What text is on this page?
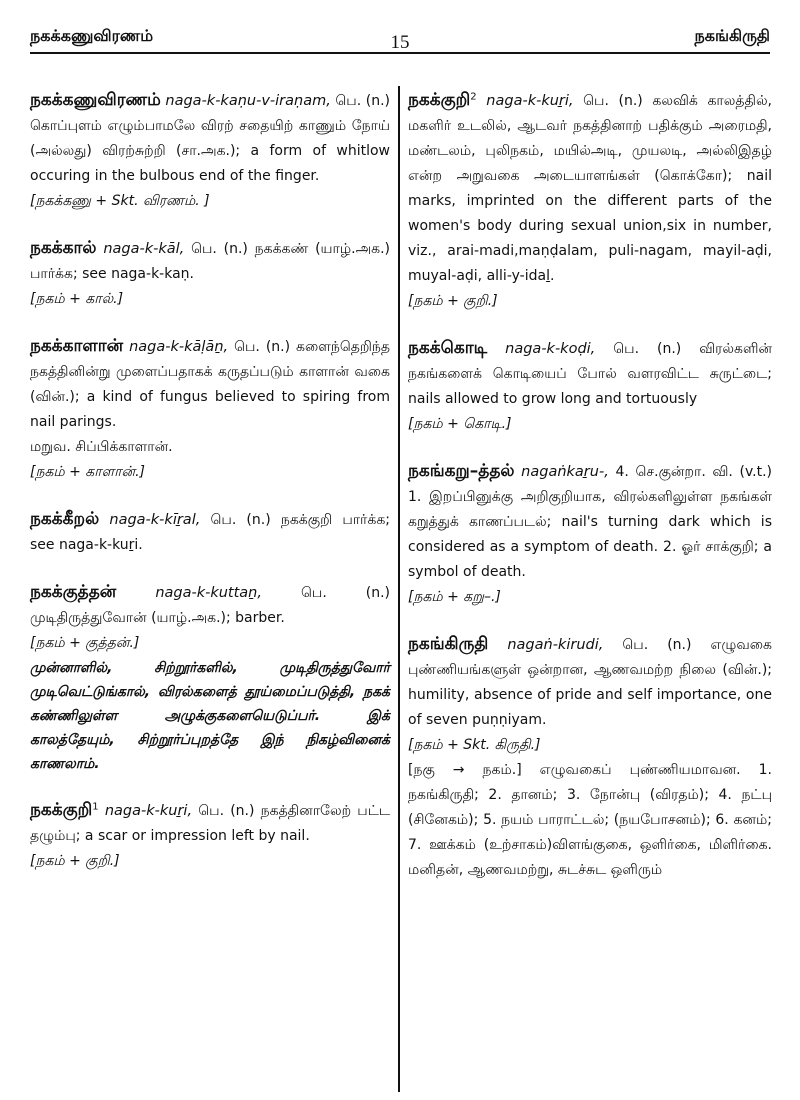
நகக்கணுவிரணம்	15	நகங்கிருதி

நகக்கணுவிரணம் naga-k-kaṇu-v-iraṇam, பெ. (n.) கொப்புளம் எழும்பாமலே விரற் சதையிற் காணும் நோய் (அல்லது) விரற்சுற்றி (சா.அக.); a form of whitlow occuring in the bulbous end of the finger.

[நகக்கணு + Skt. விரணம். ]

நகக்கால் naga-k-kāl, பெ. (n.) நகக்கண் (யாழ்.அக.) பார்க்க; see naga-k-kaṇ.

[நகம் + கால்.]

நகக்காளான் naga-k-kāḷāṉ, பெ. (n.) களைந்தெறிந்த நகத்தினின்று முளைப்பதாகக் கருதப்படும் காளான் வகை (வின்.); a kind of fungus believed to spiring from nail parings.

மறுவ. சிப்பிக்காளான்.

[நகம் + காளான்.]

நகக்கீறல் naga-k-kīṟal, பெ. (n.) நகக்குறி பார்க்க; see naga-k-kuṟi.

நகக்குத்தன்	naga-k-kuttaṉ,	பெ. (n.) முடிதிருத்துவோன் (யாழ்.அக.); barber.

[நகம் + குத்தன்.]

முன்னாளில், சிற்றூர்களில், முடிதிருத்துவோர் முடிவெட்டுங்கால், விரல்களைத் தூய்மைப்படுத்தி, நகக் கண்ணிலுள்ள அழுக்குகளையெடுப்பர். இக் காலத்தேயும், சிற்றூர்ப்புறத்தே இந் நிகழ்வினைக் காணலாம்.

நகக்குறி$^1$ naga-k-kuṟi, பெ. (n.) நகத்தினாலேற் பட்ட தழும்பு; a scar or impression left by nail.

[நகம் + குறி.]

நகக்குறி$^2$ naga-k-kuṟi, பெ. (n.) கலவிக் காலத்தில், மகளிர் உடலில், ஆடவர் நகத்தினாற் பதிக்கும் அரைமதி, மண்டலம், புலிநகம், மயில்அடி, முயலடி, அல்லிஇதழ் என்ற அறுவகை அடையாளங்கள் (கொக்கோ); nail marks, imprinted on the different parts of the women's body during sexual union,six in number, viz., arai-madi,maṇḍalam, puli-nagam, mayil-aḍi, muyal-aḍi, alli-y-idaḻ.

[நகம் + குறி.]

நகக்கொடி naga-k-koḍi, பெ. (n.) விரல்களின் நகங்களைக் கொடியைப் போல் வளரவிட்ட சுருட்டை; nails allowed to grow long and tortuously

[நகம் + கொடி.]

நகங்கறு–த்தல் nagaṅkaṟu-, 4. செ.குன்றா. வி. (v.t.) 1. இறப்பினுக்கு அறிகுறியாக, விரல்களிலுள்ள நகங்கள் கறுத்துக் காணப்படல்; nail's turning dark which is considered as a symptom of death. 2. ஓர் சாக்குறி; a symbol of death.

[நகம் + கறு–.]

நகங்கிருதி nagaṅ-kirudi, பெ. (n.) எழுவகை புண்ணியங்களுள் ஒன்றான, ஆணவமற்ற நிலை (வின்.); humility, absence of pride and self importance, one of seven puṇṇiyam.

[நகம் + Skt. கிருதி.]

[நகு → நகம்.] எழுவகைப் புண்ணியமாவன. 1. நகங்கிருதி; 2. தானம்; 3. நோன்பு (விரதம்); 4. நட்பு (சினேகம்); 5. நயம் பாராட்டல்; (நயபோசனம்); 6. கனம்; 7. ஊக்கம் (உற்சாகம்)விளங்குகை, ஒளிர்கை, மிளிர்கை. மனிதன், ஆணவமற்று, சுடச்சுட ஒளிரும்
